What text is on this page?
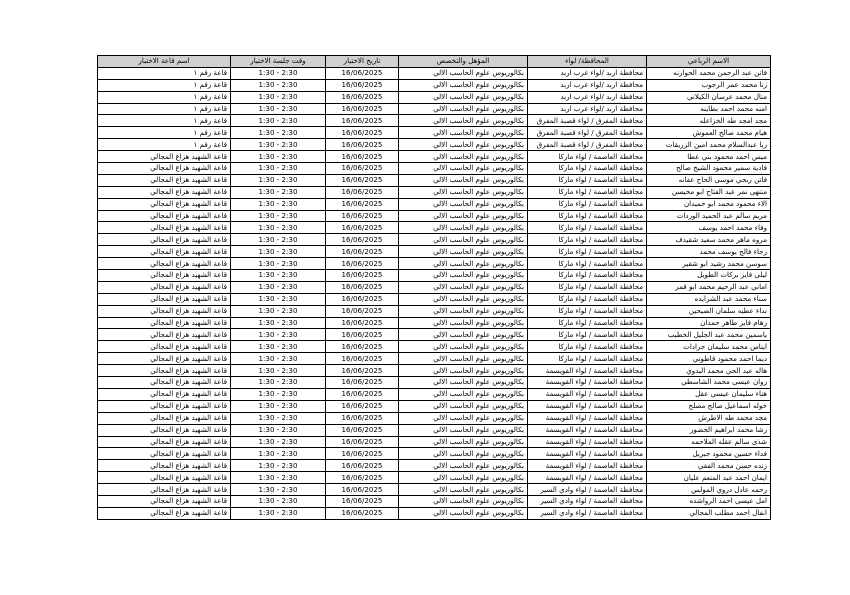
الاسم الرباعي	المحافظة/ لواء	المؤهل والتخصص	تاريخ الاختبار	وقت جلسة الاختبار	اسم قاعة الاختبار
فاتن عبد الرحمن محمد الحوارنه	محافظة اربد /لواء غرب اربد	بكالوريوس علوم الحاسب الالي	16/06/2025	1:30 - 2:30	قاعة رقم ١
زنا محمد عمر الرجوب	محافظة اربد /لواء غرب اربد	بكالوريوس علوم الحاسب الالي	16/06/2025	1:30 - 2:30	قاعة رقم ١
منال محمد عرسان الكيلاني	محافظة اربد /لواء غرب اربد	بكالوريوس علوم الحاسب الالي	16/06/2025	1:30 - 2:30	قاعة رقم ١
امنه محمد احمد بطاينه	محافظة اربد /لواء غرب اربد	بكالوريوس علوم الحاسب الالي	16/06/2025	1:30 - 2:30	قاعة رقم ١
مجد امجد طه الخزاعله	محافظة المفرق / لواء قصبة المفرق	بكالوريوس علوم الحاسب الالي	16/06/2025	1:30 - 2:30	قاعة رقم ١
هيام محمد صالح العموش	محافظة المفرق / لواء قصبة المفرق	بكالوريوس علوم الحاسب الالي	16/06/2025	1:30 - 2:30	قاعة رقم ١
ربا عبدالسلام محمد امين الزريقات	محافظة المفرق / لواء قصبة المفرق	بكالوريوس علوم الحاسب الالي	16/06/2025	1:30 - 2:30	قاعة رقم ١
ميس احمد محمود بني عطا	محافظة العاصمة / لواء ماركا	بكالوريوس علوم الحاسب الالي	16/06/2025	1:30 - 2:30	قاعة الشهيد هزاع المجالي
فادية سمير محمود الشيخ صالح	محافظة العاصمة / لواء ماركا	بكالوريوس علوم الحاسب الالي	16/06/2025	1:30 - 2:30	قاعة الشهيد هزاع المجالي
فاتن ربحي موسى الحاج عفانه	محافظة العاصمة / لواء ماركا	بكالوريوس علوم الحاسب الالي	16/06/2025	1:30 - 2:30	قاعة الشهيد هزاع المجالي
منتهى نمر عبد الفتاح ابو محيسن	محافظة العاصمة / لواء ماركا	بكالوريوس علوم الحاسب الالي	16/06/2025	1:30 - 2:30	قاعة الشهيد هزاع المجالي
الاء محمود محمد ابو حميدان	محافظة العاصمة / لواء ماركا	بكالوريوس علوم الحاسب الالي	16/06/2025	1:30 - 2:30	قاعة الشهيد هزاع المجالي
مريم سالم عبد الحميد الوردات	محافظة العاصمة / لواء ماركا	بكالوريوس علوم الحاسب الالي	16/06/2025	1:30 - 2:30	قاعة الشهيد هزاع المجالي
وفاء محمد احمد يوسف	محافظة العاصمة / لواء ماركا	بكالوريوس علوم الحاسب الالي	16/06/2025	1:30 - 2:30	قاعة الشهيد هزاع المجالي
مروه ماهر محمد سعيد شقيدف	محافظة العاصمة / لواء ماركا	بكالوريوس علوم الحاسب الالي	16/06/2025	1:30 - 2:30	قاعة الشهيد هزاع المجالي
رجاء فالح يوسف محمد	محافظة العاصمة / لواء ماركا	بكالوريوس علوم الحاسب الالي	16/06/2025	1:30 - 2:30	قاعة الشهيد هزاع المجالي
سوسن محمد رشيد ابو شقير	محافظة العاصمة / لواء ماركا	بكالوريوس علوم الحاسب الالي	16/06/2025	1:30 - 2:30	قاعة الشهيد هزاع المجالي
ليلى فايز بركات الطويل	محافظة العاصمة / لواء ماركا	بكالوريوس علوم الحاسب الالي	16/06/2025	1:30 - 2:30	قاعة الشهيد هزاع المجالي
اماني عبد الرحيم محمد ابو قمر	محافظة العاصمة / لواء ماركا	بكالوريوس علوم الحاسب الالي	16/06/2025	1:30 - 2:30	قاعة الشهيد هزاع المجالي
سناء محمد عبد الشرايده	محافظة العاصمة / لواء ماركا	بكالوريوس علوم الحاسب الالي	16/06/2025	1:30 - 2:30	قاعة الشهيد هزاع المجالي
نداء عطيه سلمان الصيحين	محافظة العاصمة / لواء ماركا	بكالوريوس علوم الحاسب الالي	16/06/2025	1:30 - 2:30	قاعة الشهيد هزاع المجالي
رهام فايز طاهر حمدان	محافظة العاصمة / لواء ماركا	بكالوريوس علوم الحاسب الالي	16/06/2025	1:30 - 2:30	قاعة الشهيد هزاع المجالي
ياسمين محمد عبد الجليل الخطيب	محافظة العاصمة / لواء ماركا	بكالوريوس علوم الحاسب الالي	16/06/2025	1:30 - 2:30	قاعة الشهيد هزاع المجالي
ايناس محمد سليمان جرادات	محافظة العاصمة / لواء ماركا	بكالوريوس علوم الحاسب الالي	16/06/2025	1:30 - 2:30	قاعة الشهيد هزاع المجالي
ديما احمد محمود قاطوني	محافظة العاصمة / لواء ماركا	بكالوريوس علوم الحاسب الالي	16/06/2025	1:30 - 2:30	قاعة الشهيد هزاع المجالي
هاله عبد الحي محمد البدوي	محافظة العاصمة / لواء القويسمة	بكالوريوس علوم الحاسب الالي	16/06/2025	1:30 - 2:30	قاعة الشهيد هزاع المجالي
روان عيسى محمد الشاسطي	محافظة العاصمة / لواء القويسمة	بكالوريوس علوم الحاسب الالي	16/06/2025	1:30 - 2:30	قاعة الشهيد هزاع المجالي
هناء سليمان عيسى عقل	محافظة العاصمة / لواء القويسمة	بكالوريوس علوم الحاسب الالي	16/06/2025	1:30 - 2:30	قاعة الشهيد هزاع المجالي
خوله اسماعيل صالح مصلح	محافظة العاصمة / لواء القويسمة	بكالوريوس علوم الحاسب الالي	16/06/2025	1:30 - 2:30	قاعة الشهيد هزاع المجالي
مجد محمد طه الاطرش	محافظة العاصمة / لواء القويسمة	بكالوريوس علوم الحاسب الالي	16/06/2025	1:30 - 2:30	قاعة الشهيد هزاع المجالي
رشا محمد ابراهيم الحضور	محافظة العاصمة / لواء القويسمة	بكالوريوس علوم الحاسب الالي	16/06/2025	1:30 - 2:30	قاعة الشهيد هزاع المجالي
شذى سالم عقله الملاحمه	محافظة العاصمة / لواء القويسمة	بكالوريوس علوم الحاسب الالي	16/06/2025	1:30 - 2:30	قاعة الشهيد هزاع المجالي
فداء حسين محمود جبريل	محافظة العاصمة / لواء القويسمة	بكالوريوس علوم الحاسب الالي	16/06/2025	1:30 - 2:30	قاعة الشهيد هزاع المجالي
زنده حسن محمد الفقي	محافظة العاصمة / لواء القويسمة	بكالوريوس علوم الحاسب الالي	16/06/2025	1:30 - 2:30	قاعة الشهيد هزاع المجالي
ايمان احمد عبد المنعم عليان	محافظة العاصمة / لواء القويسمة	بكالوريوس علوم الحاسب الالي	16/06/2025	1:30 - 2:30	قاعة الشهيد هزاع المجالي
رحمه عادل دروي المولس	محافظة العاصمة / لواء وادي السير	بكالوريوس علوم الحاسب الالي	16/06/2025	1:30 - 2:30	قاعة الشهيد هزاع المجالي
امل عيسى احمد الرواشده	محافظة العاصمة / لواء وادي السير	بكالوريوس علوم الحاسب الالي	16/06/2025	1:30 - 2:30	قاعة الشهيد هزاع المجالي
انفال احمد مطلب المجالي	محافظة العاصمة / لواء وادي السير	بكالوريوس علوم الحاسب الالي	16/06/2025	1:30 - 2:30	قاعة الشهيد هزاع المجالي
